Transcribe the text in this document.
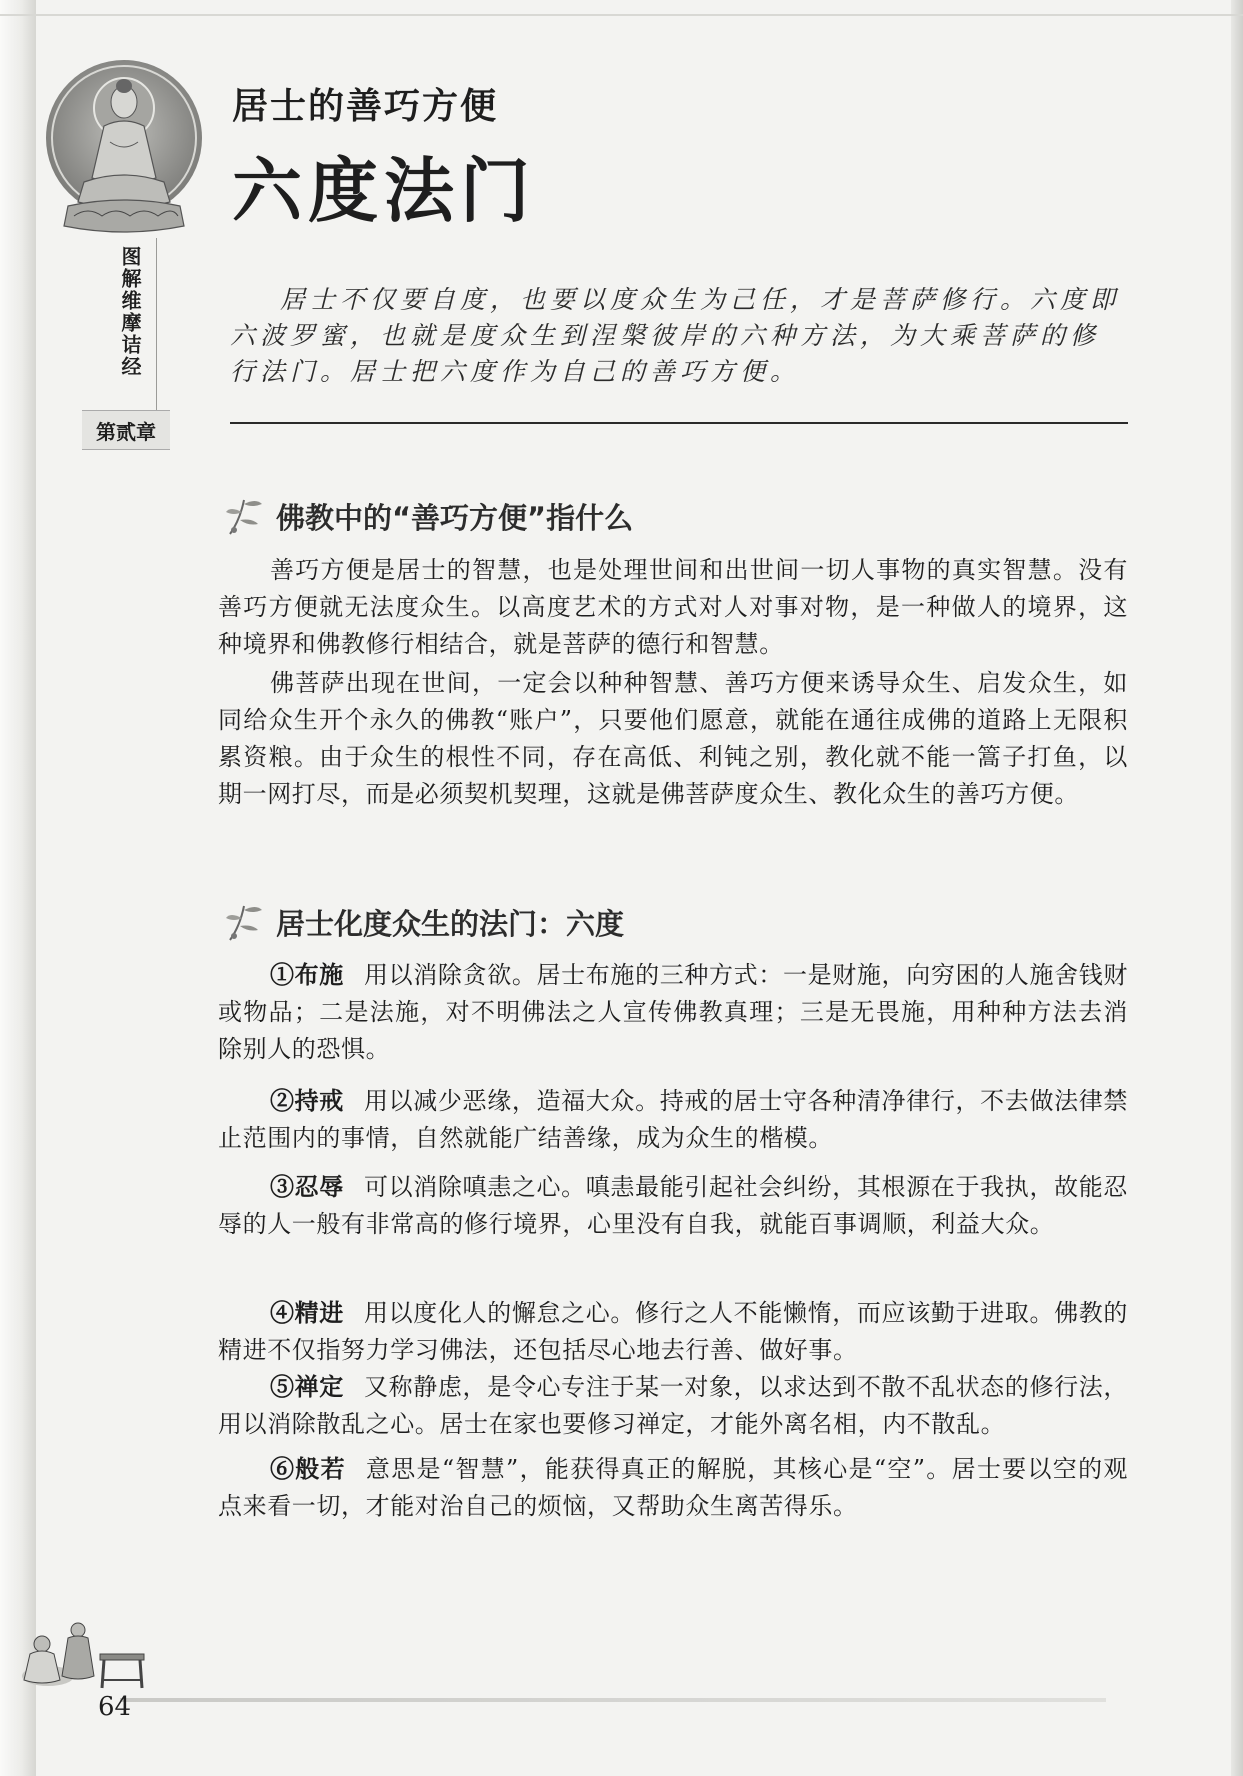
图解维摩诘经
第贰章
居士的善巧方便
六度法门
居士不仅要自度，也要以度众生为己任，才是菩萨修行。六度即六波罗蜜，也就是度众生到涅槃彼岸的六种方法，为大乘菩萨的修行法门。居士把六度作为自己的善巧方便。
佛教中的“善巧方便”指什么

善巧方便是居士的智慧，也是处理世间和出世间一切人事物的真实智慧。没有善巧方便就无法度众生。以高度艺术的方式对人对事对物，是一种做人的境界，这种境界和佛教修行相结合，就是菩萨的德行和智慧。

佛菩萨出现在世间，一定会以种种智慧、善巧方便来诱导众生、启发众生，如同给众生开个永久的佛教“账户”，只要他们愿意，就能在通往成佛的道路上无限积累资粮。由于众生的根性不同，存在高低、利钝之别，教化就不能一篙子打鱼，以期一网打尽，而是必须契机契理，这就是佛菩萨度众生、教化众生的善巧方便。

居士化度众生的法门：六度

①布施 用以消除贪欲。居士布施的三种方式：一是财施，向穷困的人施舍钱财或物品；二是法施，对不明佛法之人宣传佛教真理；三是无畏施，用种种方法去消除别人的恐惧。

②持戒 用以减少恶缘，造福大众。持戒的居士守各种清净律行，不去做法律禁止范围内的事情，自然就能广结善缘，成为众生的楷模。

③忍辱 可以消除嗔恚之心。嗔恚最能引起社会纠纷，其根源在于我执，故能忍辱的人一般有非常高的修行境界，心里没有自我，就能百事调顺，利益大众。

④精进 用以度化人的懈怠之心。修行之人不能懒惰，而应该勤于进取。佛教的精进不仅指努力学习佛法，还包括尽心地去行善、做好事。

⑤禅定 又称静虑，是令心专注于某一对象，以求达到不散不乱状态的修行法，用以消除散乱之心。居士在家也要修习禅定，才能外离名相，内不散乱。

⑥般若 意思是“智慧”，能获得真正的解脱，其核心是“空”。居士要以空的观点来看一切，才能对治自己的烦恼，又帮助众生离苦得乐。

64
